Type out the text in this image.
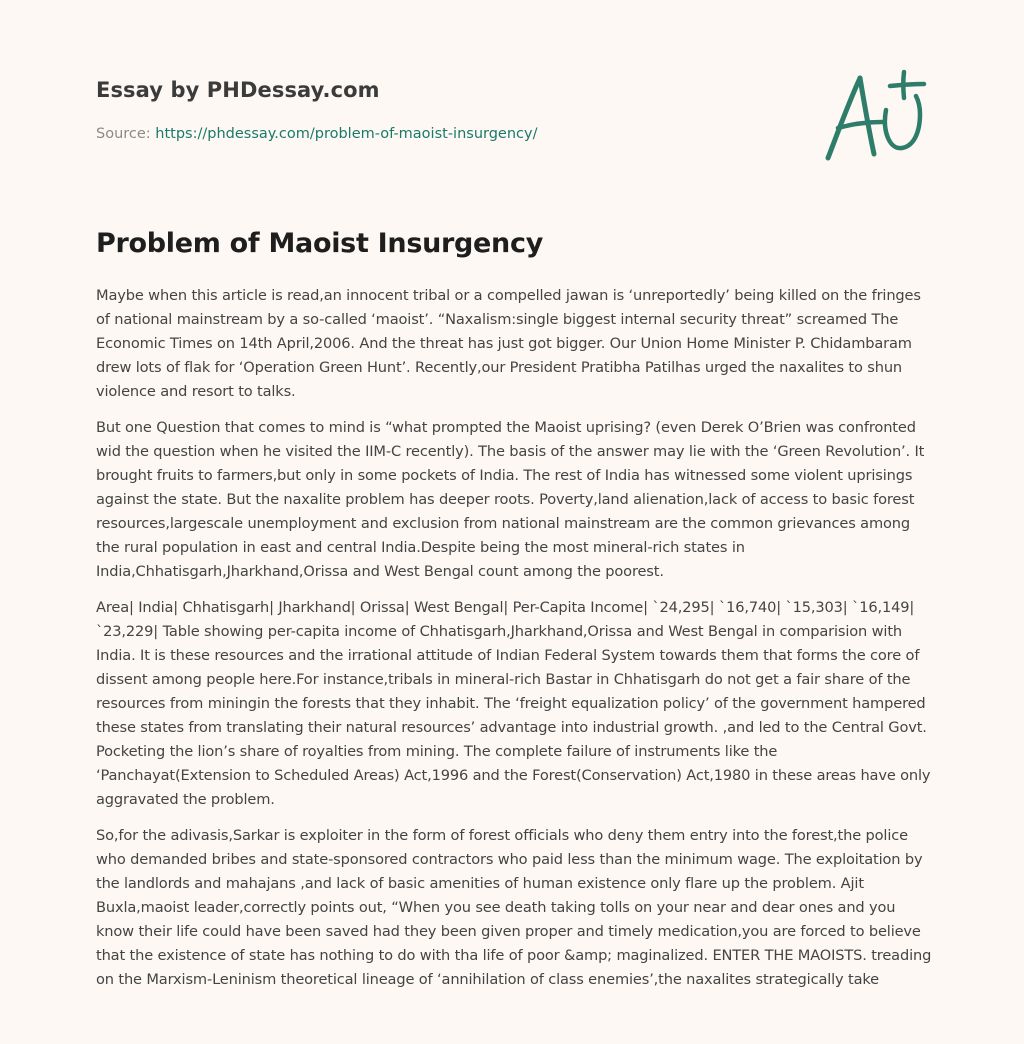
Essay by PHDessay.com
Source: https://phdessay.com/problem-of-maoist-insurgency/
Problem of Maoist Insurgency

Maybe when this article is read,an innocent tribal or a compelled jawan is ‘unreportedly’ being killed on the fringes of national mainstream by a so-called ‘maoist’. “Naxalism:single biggest internal security threat” screamed The Economic Times on 14th April,2006. And the threat has just got bigger. Our Union Home Minister P. Chidambaram drew lots of flak for ‘Operation Green Hunt’. Recently,our President Pratibha Patilhas urged the naxalites to shun violence and resort to talks.

But one Question that comes to mind is “what prompted the Maoist uprising? (even Derek O’Brien was confronted wid the question when he visited the IIM-C recently). The basis of the answer may lie with the ‘Green Revolution’. It brought fruits to farmers,but only in some pockets of India. The rest of India has witnessed some violent uprisings against the state. But the naxalite problem has deeper roots. Poverty,land alienation,lack of access to basic forest resources,largescale unemployment and exclusion from national mainstream are the common grievances among the rural population in east and central India.Despite being the most mineral-rich states in India,Chhatisgarh,Jharkhand,Orissa and West Bengal count among the poorest.

Area| India| Chhatisgarh| Jharkhand| Orissa| West Bengal| Per-Capita Income| `24,295| `16,740| `15,303| `16,149| `23,229| Table showing per-capita income of Chhatisgarh,Jharkhand,Orissa and West Bengal in comparision with India. It is these resources and the irrational attitude of Indian Federal System towards them that forms the core of dissent among people here.For instance,tribals in mineral-rich Bastar in Chhatisgarh do not get a fair share of the resources from miningin the forests that they inhabit. The ‘freight equalization policy’ of the government hampered these states from translating their natural resources’ advantage into industrial growth. ,and led to the Central Govt. Pocketing the lion’s share of royalties from mining. The complete failure of instruments like the ‘Panchayat(Extension to Scheduled Areas) Act,1996 and the Forest(Conservation) Act,1980 in these areas have only aggravated the problem.

So,for the adivasis,Sarkar is exploiter in the form of forest officials who deny them entry into the forest,the police who demanded bribes and state-sponsored contractors who paid less than the minimum wage. The exploitation by the landlords and mahajans ,and lack of basic amenities of human existence only flare up the problem. Ajit Buxla,maoist leader,correctly points out, “When you see death taking tolls on your near and dear ones and you know their life could have been saved had they been given proper and timely medication,you are forced to believe that the existence of state has nothing to do with tha life of poor &amp; maginalized. ENTER THE MAOISTS. treading on the Marxism-Leninism theoretical lineage of ‘annihilation of class enemies’,the naxalites strategically take
